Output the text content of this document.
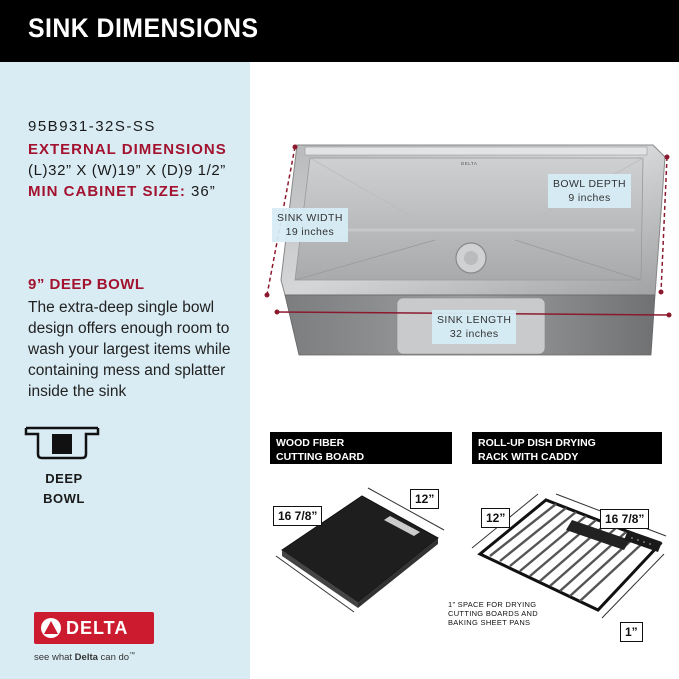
SINK DIMENSIONS
95B931-32S-SS
EXTERNAL DIMENSIONS
(L)32” X (W)19” X (D)9 1/2”
MIN CABINET SIZE: 36”
9” DEEP BOWL
The extra-deep single bowl design offers enough room to wash your largest items while containing mess and splatter inside the sink
DEEP
BOWL
DELTA
BOWL DEPTH
9 inches
SINK WIDTH
19 inches
SINK LENGTH
32 inches
WOOD FIBER
CUTTING BOARD
ROLL-UP DISH DRYING
RACK WITH CADDY
16 7/8”
12”
12”	16 7/8”
1”
1” SPACE FOR DRYING
CUTTING BOARDS AND
BAKING SHEET PANS
DELTA
see what Delta can do™
